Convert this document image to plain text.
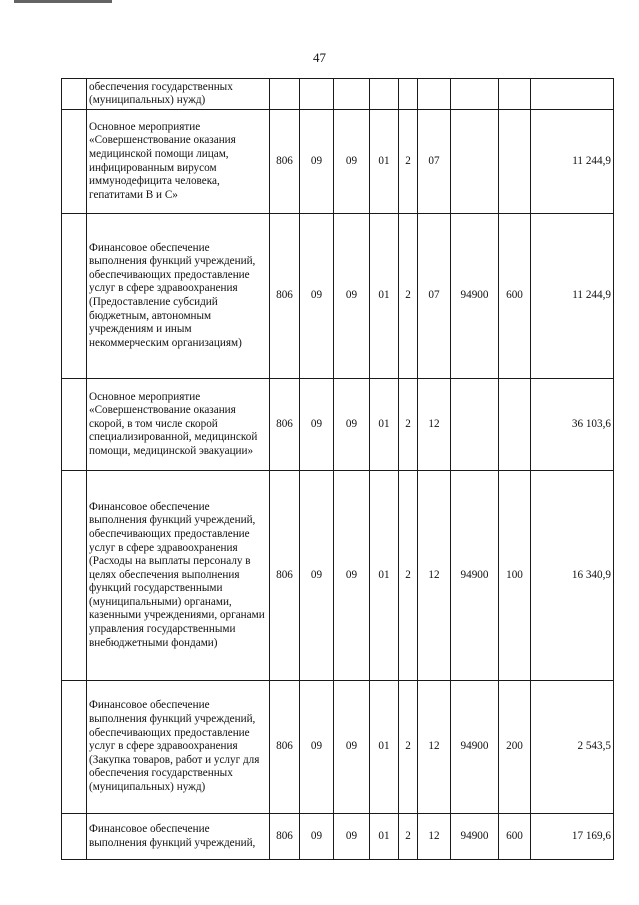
47
	обеспечения государственных (муниципальных) нужд)									
	Основное мероприятие «Совершенствование оказания медицинской помощи лицам, инфицированным вирусом иммунодефицита человека, гепатитами В и С»	806	09	09	01	2	07			11 244,9
	Финансовое обеспечение выполнения функций учреждений, обеспечивающих предоставление услуг в сфере здравоохранения (Предоставление субсидий бюджетным, автономным учреждениям и иным некоммерческим организациям)	806	09	09	01	2	07	94900	600	11 244,9
	Основное мероприятие «Совершенствование оказания скорой, в том числе скорой специализированной, медицинской помощи, медицинской эвакуации»	806	09	09	01	2	12			36 103,6
	Финансовое обеспечение выполнения функций учреждений, обеспечивающих предоставление услуг в сфере здравоохранения (Расходы на выплаты персоналу в целях обеспечения выполнения функций государственными (муниципальными) органами, казенными учреждениями, органами управления государственными внебюджетными фондами)	806	09	09	01	2	12	94900	100	16 340,9
	Финансовое обеспечение выполнения функций учреждений, обеспечивающих предоставление услуг в сфере здравоохранения (Закупка товаров, работ и услуг для обеспечения государственных (муниципальных) нужд)	806	09	09	01	2	12	94900	200	2 543,5
	Финансовое обеспечение выполнения функций учреждений,	806	09	09	01	2	12	94900	600	17 169,6
